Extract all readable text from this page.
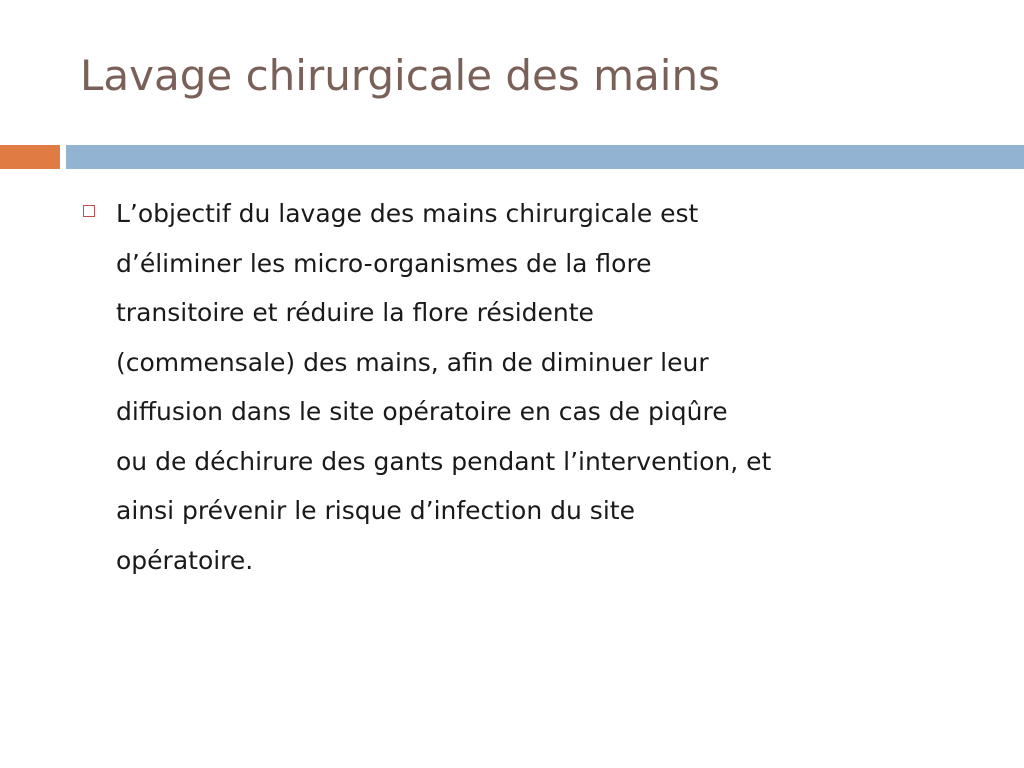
Lavage chirurgicale des mains
L’objectif du lavage des mains chirurgicale est
d’éliminer les micro-organismes de la flore
transitoire et réduire la flore résidente
(commensale) des mains, afin de diminuer leur
diffusion dans le site opératoire en cas de piqûre
ou de déchirure des gants pendant l’intervention, et
ainsi prévenir le risque d’infection du site
opératoire.
